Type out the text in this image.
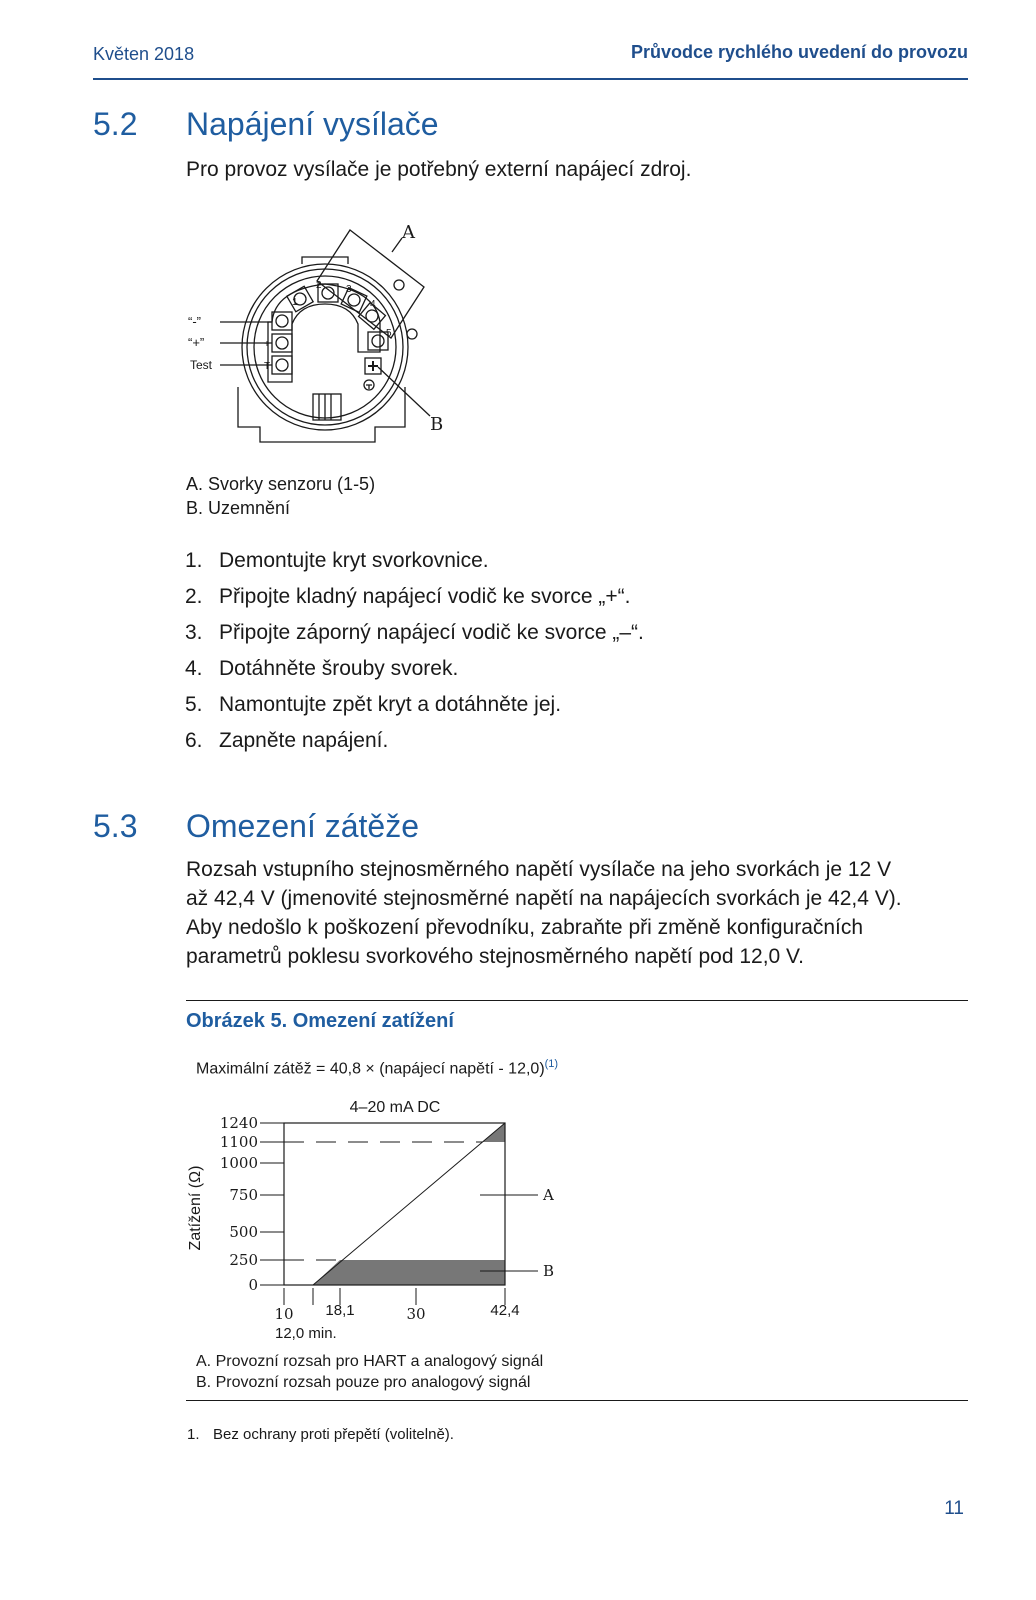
Květen 2018	Průvodce rychlého uvedení do provozu
5.2 Napájení vysílače
Pro provoz vysílače je potřebný externí napájecí zdroj.
1
2 3
4
5
-
+
T
A
B
“-”
“+”
Test
A. Svorky senzoru (1-5)
B. Uzemnění
1. Demontujte kryt svorkovnice.
2. Připojte kladný napájecí vodič ke svorce „+“.
3. Připojte záporný napájecí vodič ke svorce „–“.
4. Dotáhněte šrouby svorek.
5. Namontujte zpět kryt a dotáhněte jej.
6. Zapněte napájení.
5.3 Omezení zátěže
Rozsah vstupního stejnosměrného napětí vysílače na jeho svorkách je 12 V
až 42,4 V (jmenovité stejnosměrné napětí na napájecích svorkách je 42,4 V).
Aby nedošlo k poškození převodníku, zabraňte při změně konfiguračních
parametrů poklesu svorkového stejnosměrného napětí pod 12,0 V.
Obrázek 5. Omezení zatížení
Maximální zátěž = 40,8 × (napájecí napětí - 12,0)$^{(1)}$
0
250
500
750
1000
1100
1240
10 18,1	30	42,4
12,0 min.
4–20 mA DC
Zatížení (Ω)	A
B
A. Provozní rozsah pro HART a analogový signál
B. Provozní rozsah pouze pro analogový signál
1. Bez ochrany proti přepětí (volitelně).
11
